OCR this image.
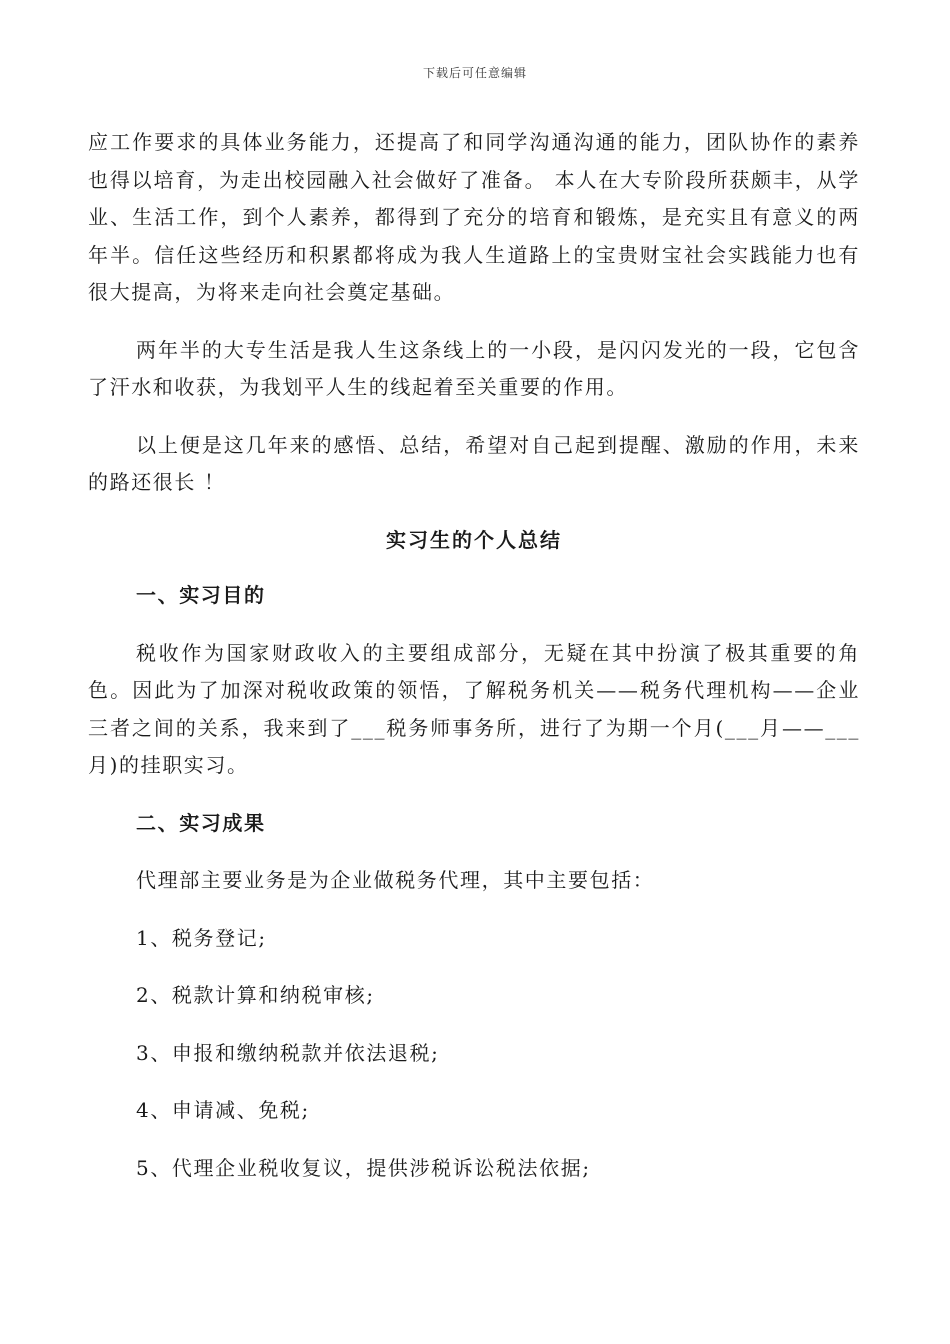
下载后可任意编辑

应工作要求的具体业务能力，还提高了和同学沟通沟通的能力，团队协作的素养也得以培育，为走出校园融入社会做好了准备。 本人在大专阶段所获颇丰，从学业、生活工作，到个人素养，都得到了充分的培育和锻炼，是充实且有意义的两年半。信任这些经历和积累都将成为我人生道路上的宝贵财宝社会实践能力也有很大提高，为将来走向社会奠定基础。

两年半的大专生活是我人生这条线上的一小段，是闪闪发光的一段，它包含了汗水和收获，为我划平人生的线起着至关重要的作用。

以上便是这几年来的感悟、总结，希望对自己起到提醒、激励的作用，未来的路还很长 ！

实习生的个人总结

一、实习目的

税收作为国家财政收入的主要组成部分，无疑在其中扮演了极其重要的角色。因此为了加深对税收政策的领悟，了解税务机关——税务代理机构——企业三者之间的关系，我来到了___税务师事务所，进行了为期一个月(___月——___月)的挂职实习。

二、实习成果

代理部主要业务是为企业做税务代理，其中主要包括：

1、税务登记;

2、税款计算和纳税审核;

3、申报和缴纳税款并依法退税;

4、申请减、免税;

5、代理企业税收复议，提供涉税诉讼税法依据;
